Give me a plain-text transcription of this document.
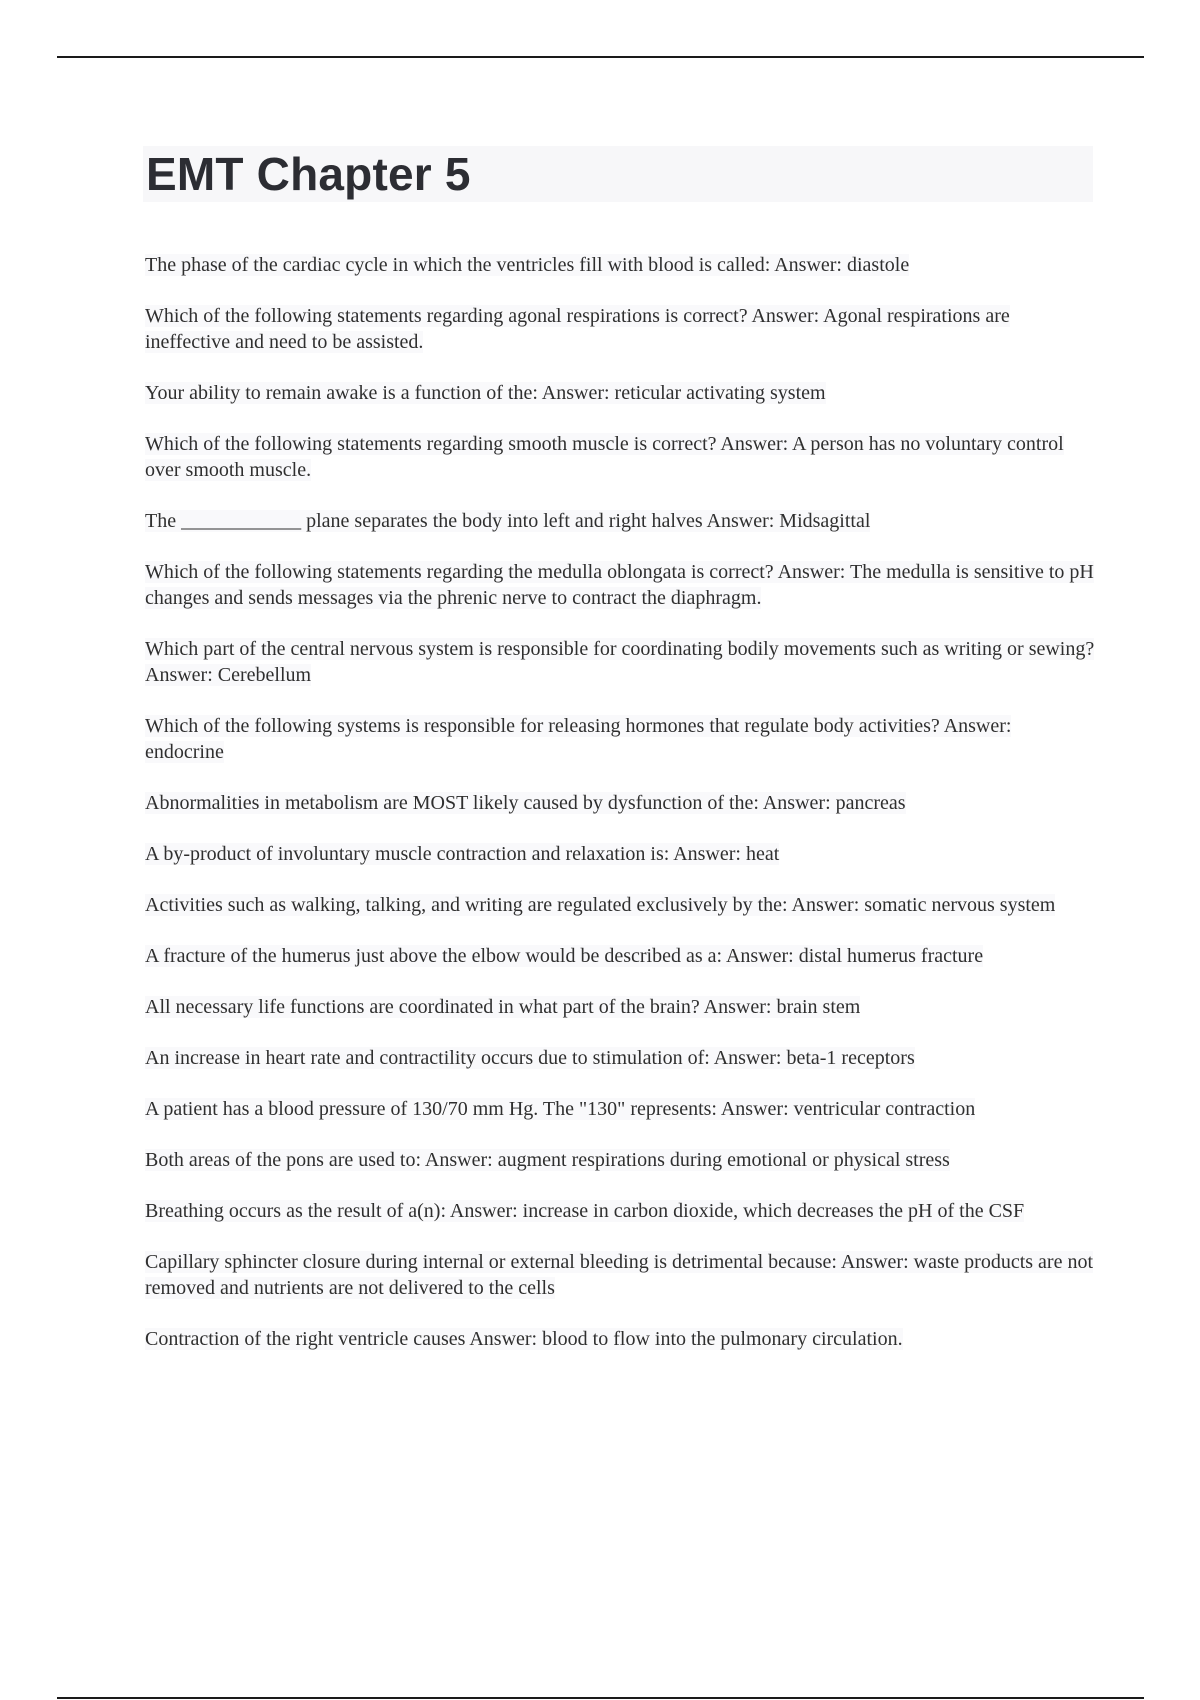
EMT Chapter 5
The phase of the cardiac cycle in which the ventricles fill with blood is called: Answer: diastole
Which of the following statements regarding agonal respirations is correct? Answer: Agonal respirations are ineffective and need to be assisted.
Your ability to remain awake is a function of the: Answer: reticular activating system
Which of the following statements regarding smooth muscle is correct? Answer: A person has no voluntary control over smooth muscle.
The ____________ plane separates the body into left and right halves Answer: Midsagittal
Which of the following statements regarding the medulla oblongata is correct? Answer: The medulla is sensitive to pH changes and sends messages via the phrenic nerve to contract the diaphragm.
Which part of the central nervous system is responsible for coordinating bodily movements such as writing or sewing? Answer: Cerebellum
Which of the following systems is responsible for releasing hormones that regulate body activities? Answer: endocrine
Abnormalities in metabolism are MOST likely caused by dysfunction of the: Answer: pancreas
A by-product of involuntary muscle contraction and relaxation is: Answer: heat
Activities such as walking, talking, and writing are regulated exclusively by the: Answer: somatic nervous system
A fracture of the humerus just above the elbow would be described as a: Answer: distal humerus fracture
All necessary life functions are coordinated in what part of the brain? Answer: brain stem
An increase in heart rate and contractility occurs due to stimulation of: Answer: beta-1 receptors
A patient has a blood pressure of 130/70 mm Hg. The "130" represents: Answer: ventricular contraction
Both areas of the pons are used to: Answer: augment respirations during emotional or physical stress
Breathing occurs as the result of a(n): Answer: increase in carbon dioxide, which decreases the pH of the CSF
Capillary sphincter closure during internal or external bleeding is detrimental because: Answer: waste products are not removed and nutrients are not delivered to the cells
Contraction of the right ventricle causes Answer: blood to flow into the pulmonary circulation.
